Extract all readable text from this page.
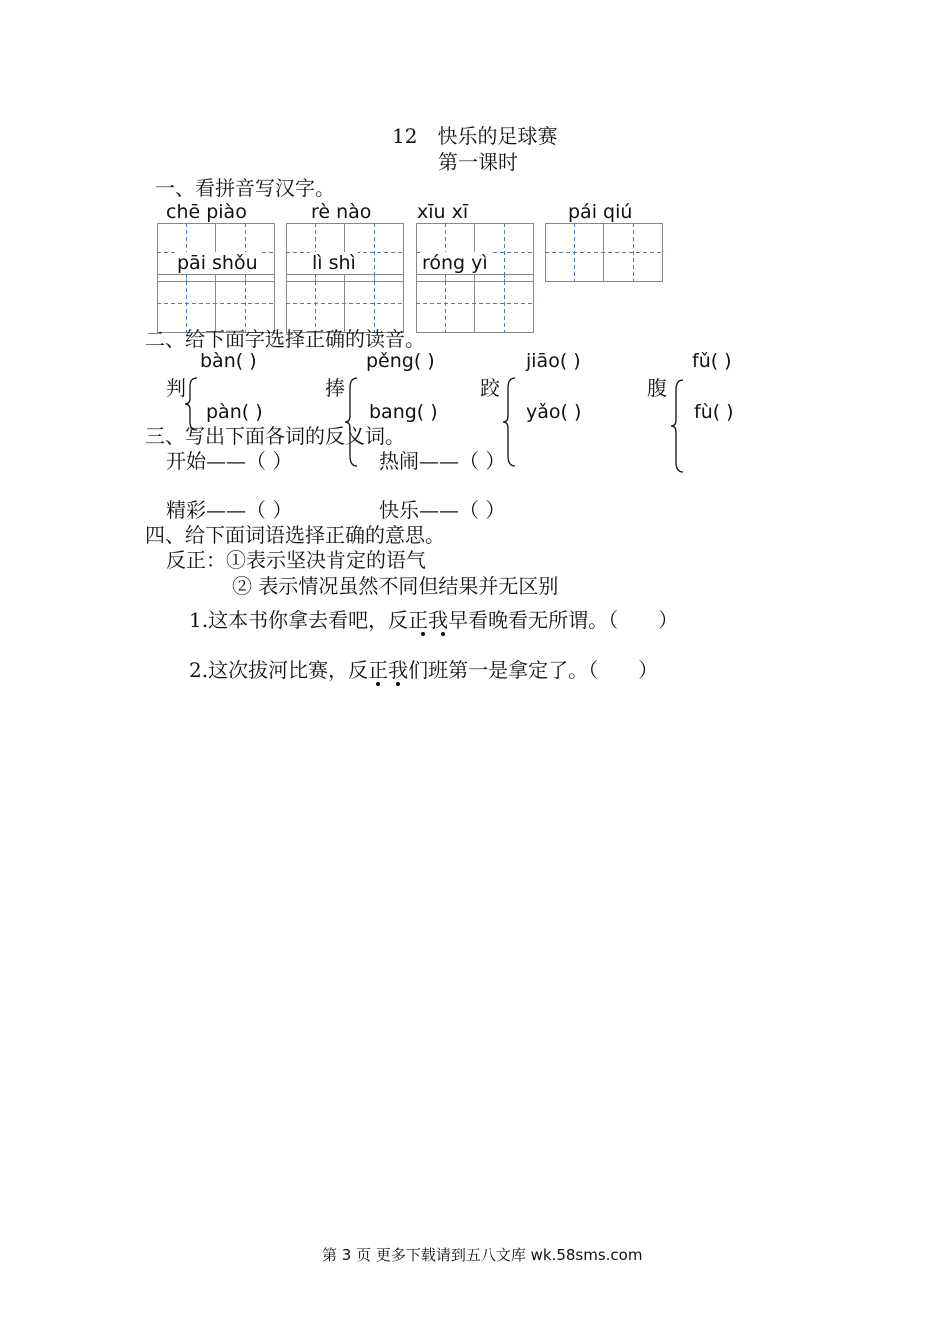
12　快乐的足球赛
第一课时
一、看拼音写汉字。
chē piào	rè nào xīu xī	pái qiú
pāi shǒu	lì shì	róng yì
二、给下面字选择正确的读音。
bàn( )	pěng( )	jiāo( )	fǔ( )
判	捧	跤	腹
pàn( )	bang( )	yǎo( )	fù( )
三、写出下面各词的反义词。
开始——（ ）	热闹——（ ）
精彩——（ ）	快乐——（ ）
四、给下面词语选择正确的意思。
反正：①表示坚决肯定的语气
② 表示情况虽然不同但结果并无区别
1.这本书你拿去看吧，反正我早看晚看无所谓。（　　）
2.这次拔河比赛，反正我们班第一是拿定了。（　　）
第 3 页 更多下载请到五八文库 wk.58sms.com
